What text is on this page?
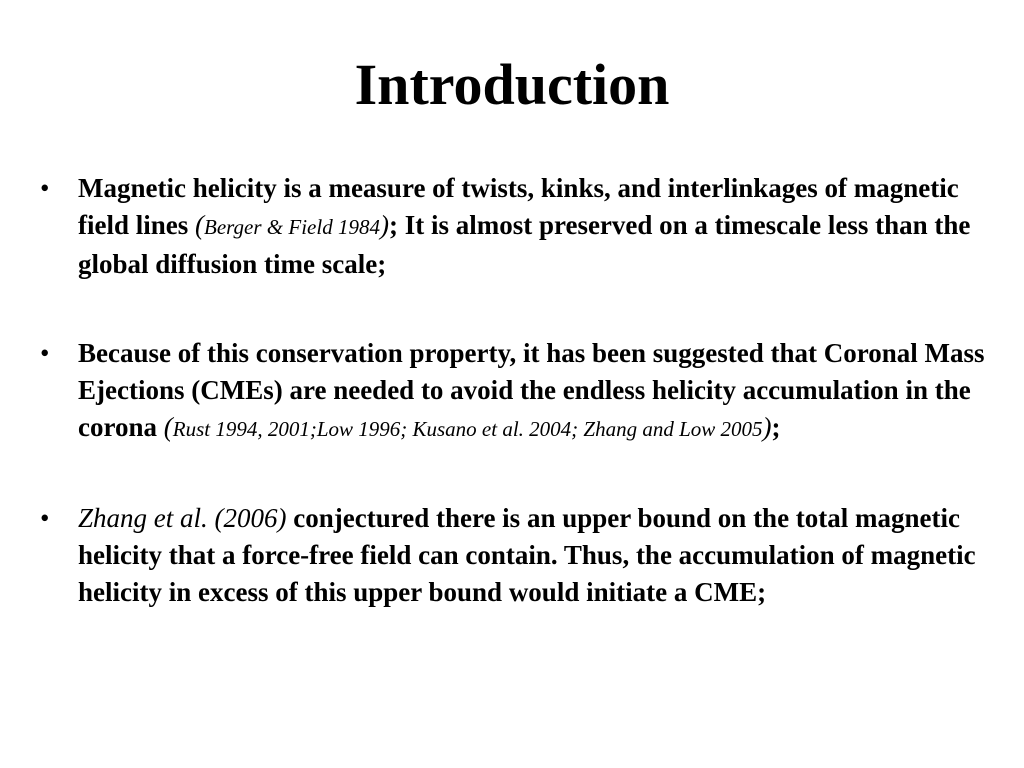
Introduction
• Magnetic helicity is a measure of twists, kinks, and interlinkages of magnetic field lines (Berger & Field 1984); It is almost preserved on a timescale less than the global diffusion time scale;
• Because of this conservation property, it has been suggested that Coronal Mass Ejections (CMEs) are needed to avoid the endless helicity accumulation in the corona (Rust 1994, 2001;Low 1996; Kusano et al. 2004; Zhang and Low 2005);
• Zhang et al. (2006) conjectured there is an upper bound on the total magnetic helicity that a force-free field can contain. Thus, the accumulation of magnetic helicity in excess of this upper bound would initiate a CME;
